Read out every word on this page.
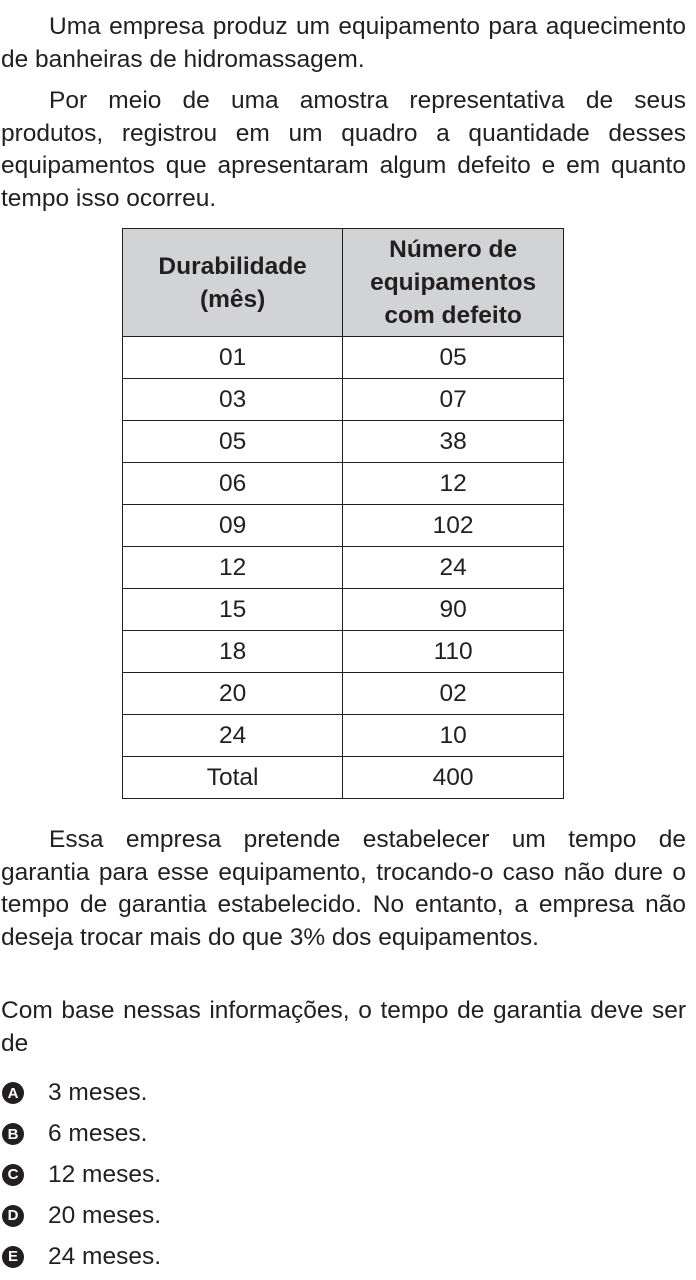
Uma empresa produz um equipamento para aquecimento de banheiras de hidromassagem.

Por meio de uma amostra representativa de seus produtos, registrou em um quadro a quantidade desses equipamentos que apresentaram algum defeito e em quanto tempo isso ocorreu.

Durabilidade (mês)	Número de equipamentos com defeito
01	05
03	07
05	38
06	12
09	102
12	24
15	90
18	110
20	02
24	10
Total	400

Essa empresa pretende estabelecer um tempo de garantia para esse equipamento, trocando-o caso não dure o tempo de garantia estabelecido. No entanto, a empresa não deseja trocar mais do que 3% dos equipamentos.

Com base nessas informações, o tempo de garantia deve ser de

A 3 meses.
B 6 meses.
C 12 meses.
D 20 meses.
E 24 meses.
